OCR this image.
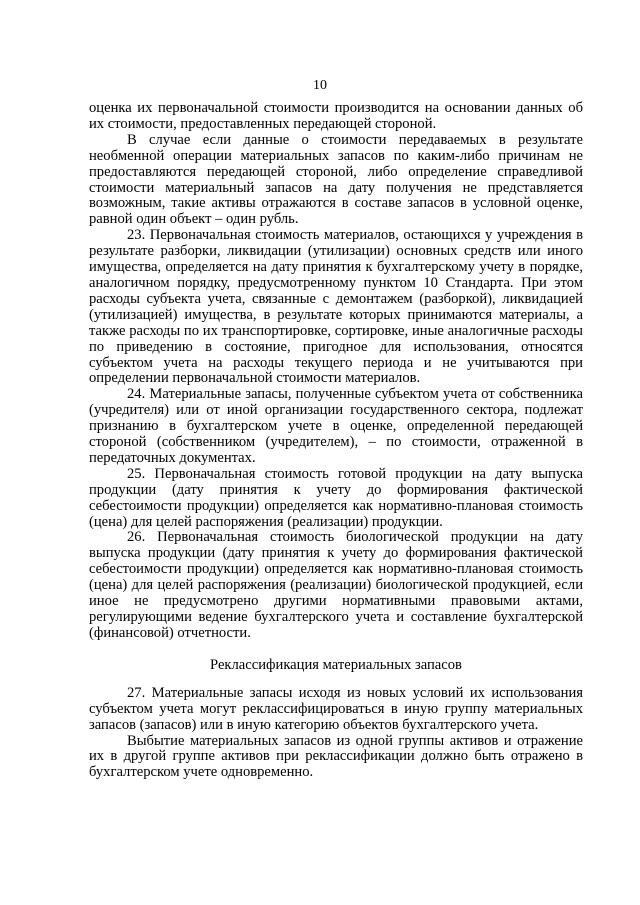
10

оценка их первоначальной стоимости производится на основании данных об их стоимости, предоставленных передающей стороной.

В случае если данные о стоимости передаваемых в результате необменной операции материальных запасов по каким-либо причинам не предоставляются передающей стороной, либо определение справедливой стоимости материальный запасов на дату получения не представляется возможным, такие активы отражаются в составе запасов в условной оценке, равной один объект – один рубль.

23. Первоначальная стоимость материалов, остающихся у учреждения в результате разборки, ликвидации (утилизации) основных средств или иного имущества, определяется на дату принятия к бухгалтерскому учету в порядке, аналогичном порядку, предусмотренному пунктом 10 Стандарта. При этом расходы субъекта учета, связанные с демонтажем (разборкой), ликвидацией (утилизацией) имущества, в результате которых принимаются материалы, а также расходы по их транспортировке, сортировке, иные аналогичные расходы по приведению в состояние, пригодное для использования, относятся субъектом учета на расходы текущего периода и не учитываются при определении первоначальной стоимости материалов.

24. Материальные запасы, полученные субъектом учета от собственника (учредителя) или от иной организации государственного сектора, подлежат признанию в бухгалтерском учете в оценке, определенной передающей стороной (собственником (учредителем), – по стоимости, отраженной в передаточных документах.

25. Первоначальная стоимость готовой продукции на дату выпуска продукции (дату принятия к учету до формирования фактической себестоимости продукции) определяется как нормативно-плановая стоимость (цена) для целей распоряжения (реализации) продукции.

26. Первоначальная стоимость биологической продукции на дату выпуска продукции (дату принятия к учету до формирования фактической себестоимости продукции) определяется как нормативно-плановая стоимость (цена) для целей распоряжения (реализации) биологической продукцией, если иное не предусмотрено другими нормативными правовыми актами, регулирующими ведение бухгалтерского учета и составление бухгалтерской (финансовой) отчетности.

Реклассификация материальных запасов

27. Материальные запасы исходя из новых условий их использования субъектом учета могут реклассифицироваться в иную группу материальных запасов (запасов) или в иную категорию объектов бухгалтерского учета.

Выбытие материальных запасов из одной группы активов и отражение их в другой группе активов при реклассификации должно быть отражено в бухгалтерском учете одновременно.
